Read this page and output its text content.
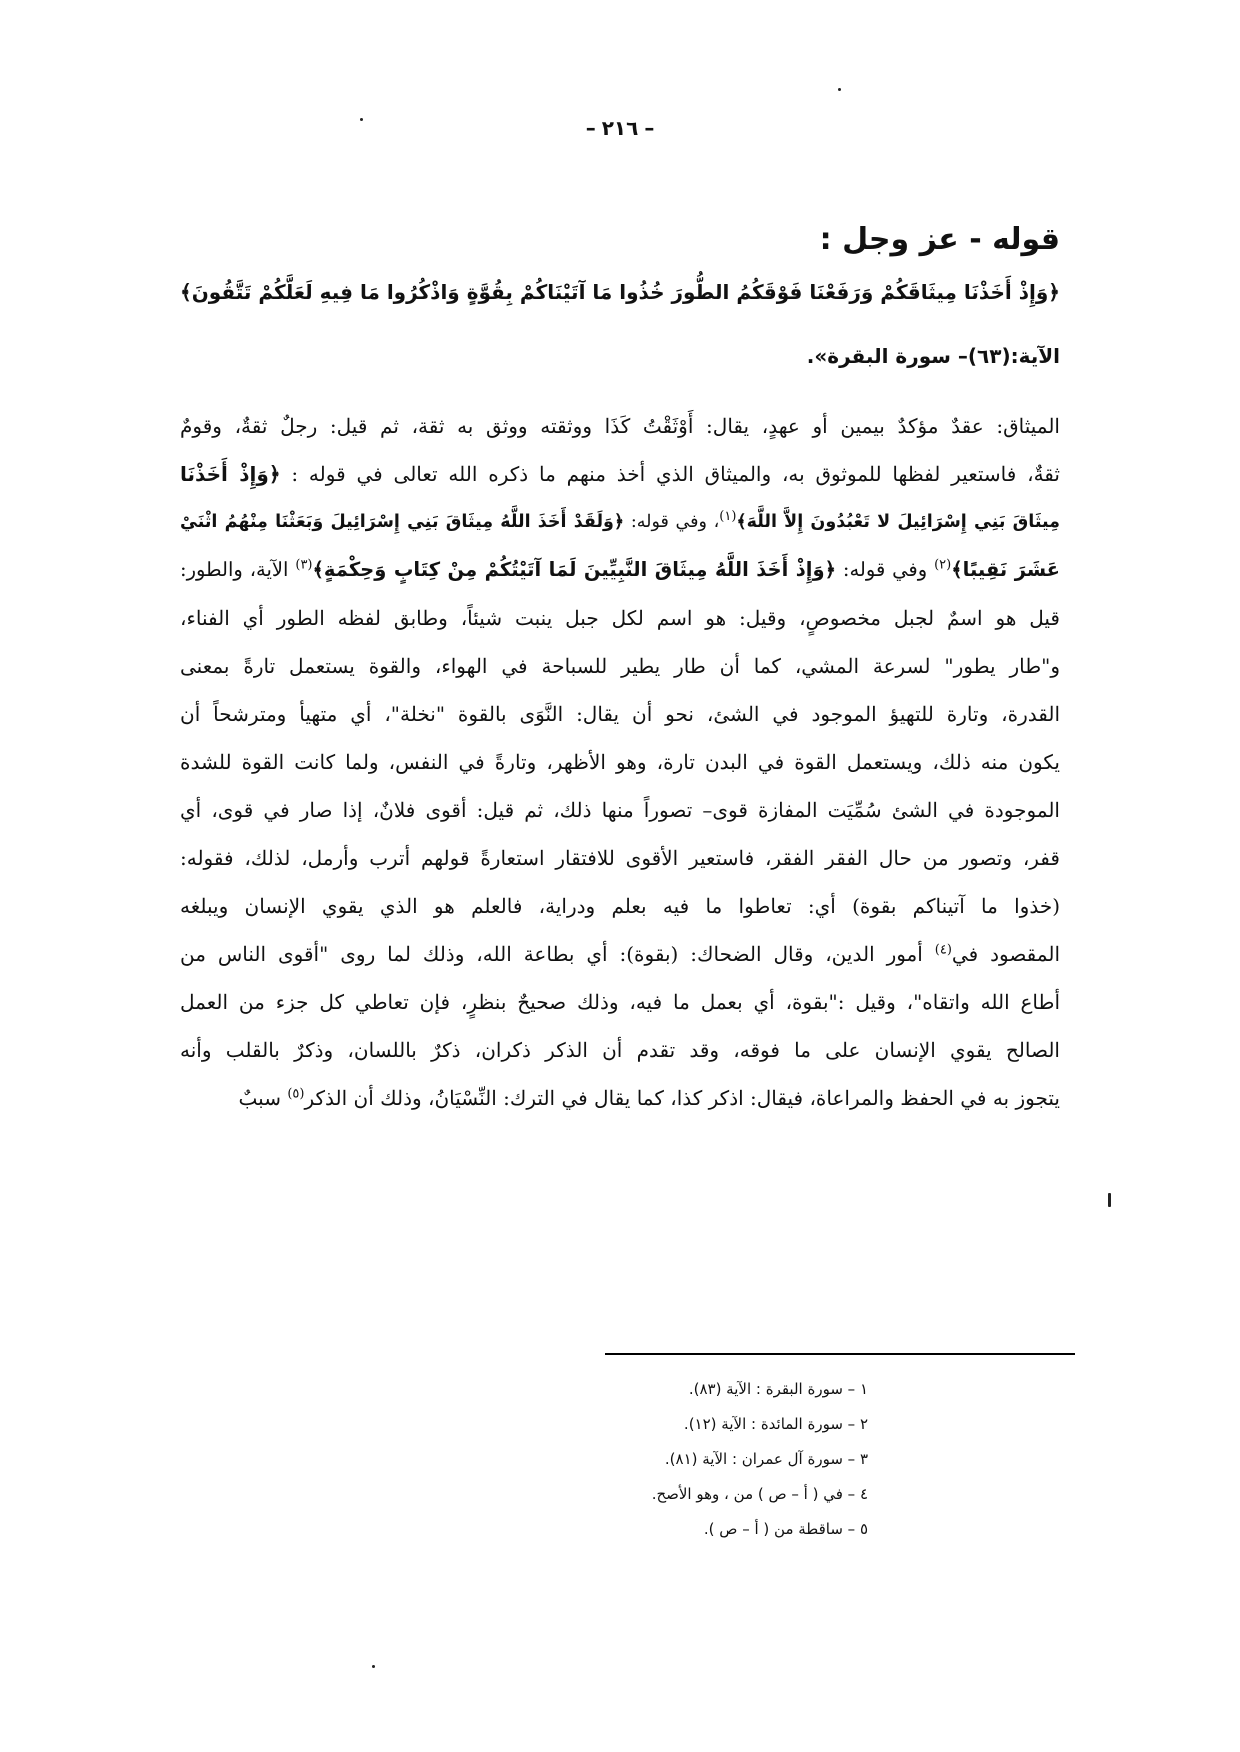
– ٢١٦ –
قوله - عز وجل :
﴿وَإِذْ أَخَذْنَا مِيثَاقَكُمْ وَرَفَعْنَا فَوْقَكُمُ الطُّورَ خُذُوا مَا آتَيْنَاكُمْ بِقُوَّةٍ وَاذْكُرُوا مَا فِيهِ لَعَلَّكُمْ تَتَّقُونَ﴾
الآية:(٦٣)– سورة البقرة».
الميثاق: عقدٌ مؤكدٌ بيمين أو عهدٍ، يقال: أَوْثَقْتُ كَذَا ووثقته ووثق به ثقة، ثم قيل: رجلٌ ثقةٌ، وقومٌ
ثقةٌ، فاستعير لفظها للموثوق به، والميثاق الذي أخذ منهم ما ذكره الله تعالى في قوله : ﴿وَإِذْ أَخَذْنَا
مِيثَاقَ بَنِي إِسْرَائِيلَ لا تَعْبُدُونَ إِلاَّ اللَّهَ﴾$^{(١)}$، وفي قوله: ﴿وَلَقَدْ أَخَذَ اللَّهُ مِيثَاقَ بَنِي إِسْرَائِيلَ وَبَعَثْنَا مِنْهُمُ اثْنَيْ
عَشَرَ نَقِيبًا﴾$^{(٢)}$ وفي قوله: ﴿وَإِذْ أَخَذَ اللَّهُ مِيثَاقَ النَّبِيِّينَ لَمَا آتَيْتُكُمْ مِنْ كِتَابٍ وَحِكْمَةٍ﴾$^{(٣)}$ الآية، والطور:
قيل هو اسمٌ لجبل مخصوصٍ، وقيل: هو اسم لكل جبل ينبت شيئاً، وطابق لفظه الطور أي الفناء،
و"طار يطور" لسرعة المشي، كما أن طار يطير للسباحة في الهواء، والقوة يستعمل تارةً بمعنى
القدرة، وتارة للتهيؤ الموجود في الشئ، نحو أن يقال: النَّوَى بالقوة "نخلة"، أي متهيأ ومترشحاً أن
يكون منه ذلك، ويستعمل القوة في البدن تارة، وهو الأظهر، وتارةً في النفس، ولما كانت القوة للشدة
الموجودة في الشئ سُمِّيَت المفازة قوى– تصوراً منها ذلك، ثم قيل: أقوى فلانٌ، إذا صار في قوى، أي
قفر، وتصور من حال الفقر الفقر، فاستعير الأقوى للافتقار استعارةً قولهم أترب وأرمل، لذلك، فقوله:
(خذوا ما آتيناكم بقوة) أي: تعاطوا ما فيه بعلم ودراية، فالعلم هو الذي يقوي الإنسان ويبلغه
المقصود في$^{(٤)}$ أمور الدين، وقال الضحاك: (بقوة): أي بطاعة الله، وذلك لما روى "أقوى الناس من
أطاع الله واتقاه"، وقيل :"بقوة، أي بعمل ما فيه، وذلك صحيحٌ بنظرٍ، فإن تعاطي كل جزء من العمل
الصالح يقوي الإنسان على ما فوقه، وقد تقدم أن الذكر ذكران، ذكرٌ باللسان، وذكرٌ بالقلب وأنه
يتجوز به في الحفظ والمراعاة، فيقال: اذكر كذا، كما يقال في الترك: النِّسْيَانُ، وذلك أن الذكر$^{(٥)}$ سببٌ
١ – سورة البقرة : الآية (٨٣).
٢ – سورة المائدة : الآية (١٢).
٣ – سورة آل عمران : الآية (٨١).
٤ – في ( أ – ص ) من ، وهو الأصح.
٥ – ساقطة من ( أ – ص ).
